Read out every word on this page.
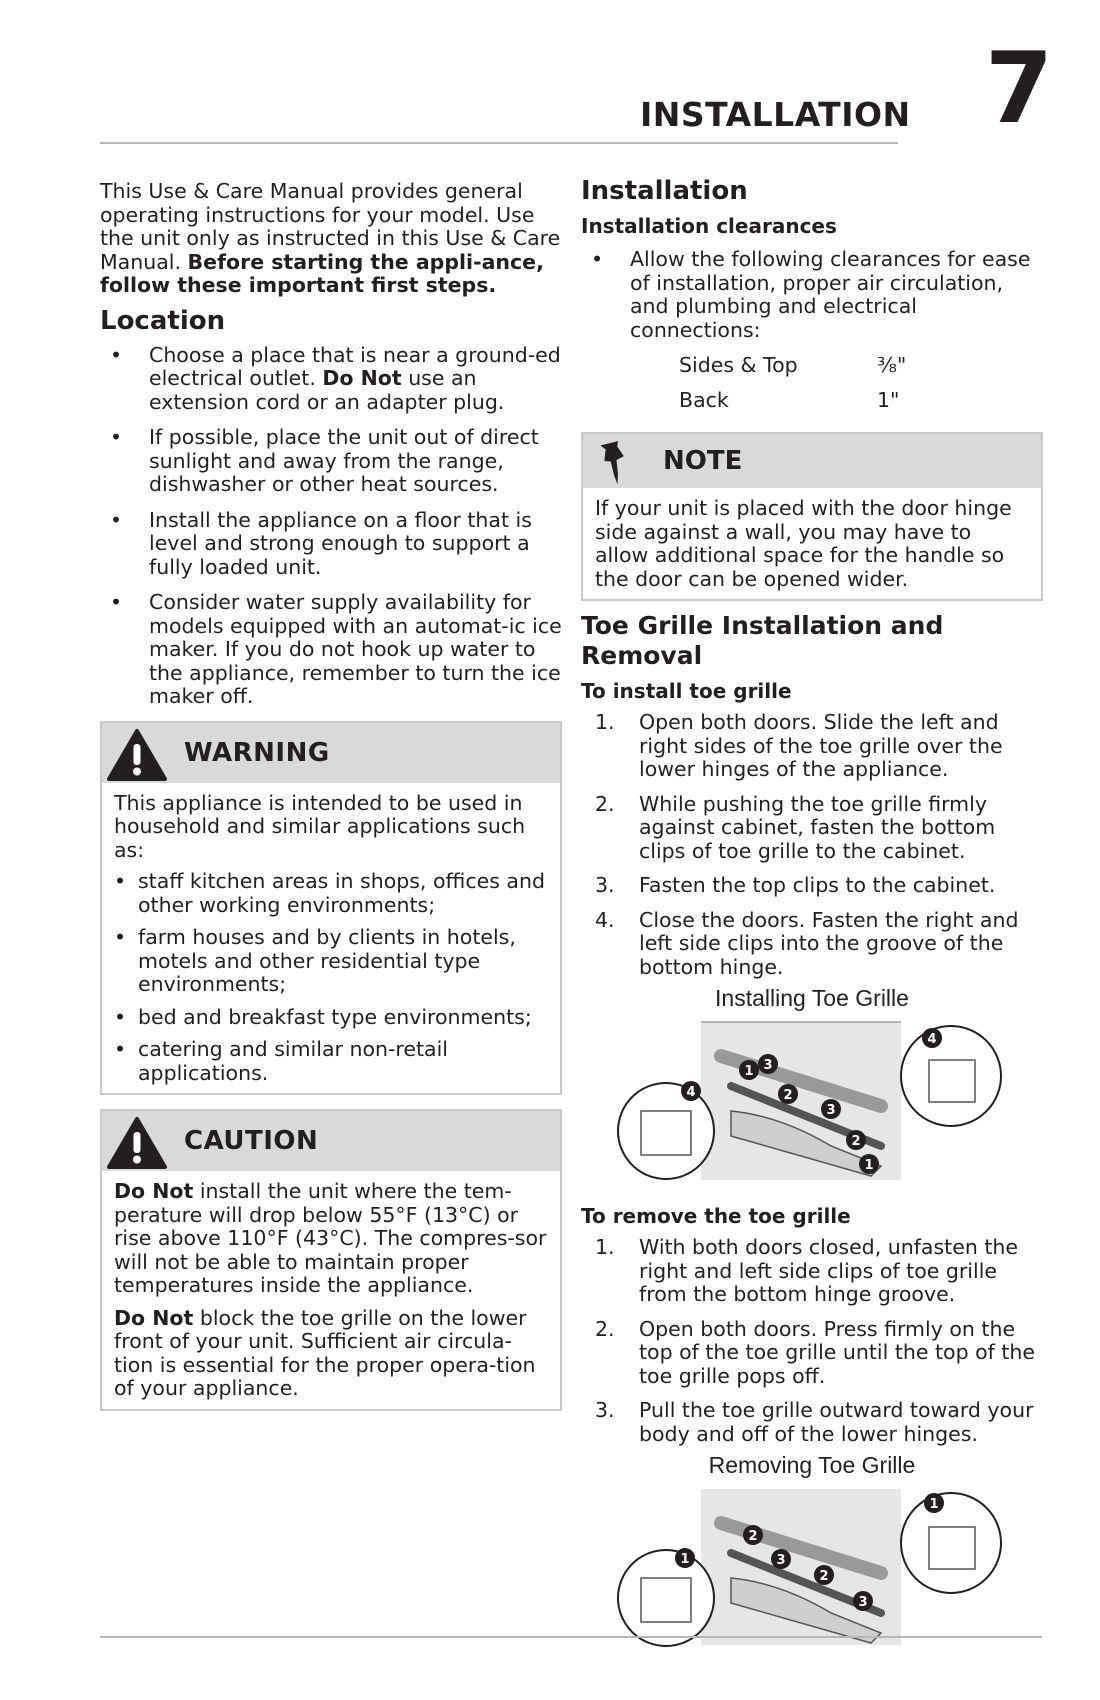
INSTALLATION 7

This Use & Care Manual provides general operating instructions for your model. Use the unit only as instructed in this Use & Care Manual. Before starting the appli-ance, follow these important first steps.

Location
• Choose a place that is near a ground-ed electrical outlet. Do Not use an extension cord or an adapter plug.
• If possible, place the unit out of direct sunlight and away from the range, dishwasher or other heat sources.
• Install the appliance on a floor that is level and strong enough to support a fully loaded unit.
• Consider water supply availability for models equipped with an automat-ic ice maker. If you do not hook up water to the appliance, remember to turn the ice maker off.
WARNING

This appliance is intended to be used in household and similar applications such as:

• staff kitchen areas in shops, offices and other working environments;
• farm houses and by clients in hotels, motels and other residential type environments;
• bed and breakfast type environments;
• catering and similar non-retail applications.
CAUTION

Do Not install the unit where the tem-perature will drop below 55°F (13°C) or rise above 110°F (43°C). The compres-sor will not be able to maintain proper temperatures inside the appliance.

Do Not block the toe grille on the lower front of your unit. Sufficient air circula-tion is essential for the proper opera-tion of your appliance.

Installation
Installation clearances
• Allow the following clearances for ease of installation, proper air circulation, and plumbing and electrical connections:
Sides & Top	⅜"
Back	1"
NOTE

If your unit is placed with the door hinge side against a wall, you may have to allow additional space for the handle so the door can be opened wider.

Toe Grille Installation and Removal
To install toe grille
1.	Open both doors. Slide the left and right sides of the toe grille over the lower hinges of the appliance.
2.	While pushing the toe grille firmly against cabinet, fasten the bottom clips of toe grille to the cabinet.
3.	Fasten the top clips to the cabinet.
4.	Close the doors. Fasten the right and left side clips into the groove of the bottom hinge.
Installing Toe Grille
1 3
2
3
2
1
4
4
To remove the toe grille
1.	With both doors closed, unfasten the right and left side clips of toe grille from the bottom hinge groove.
2.	Open both doors. Press firmly on the top of the toe grille until the top of the toe grille pops off.
3.	Pull the toe grille outward toward your body and off of the lower hinges.
Removing Toe Grille
2
3
2
3
1
1
